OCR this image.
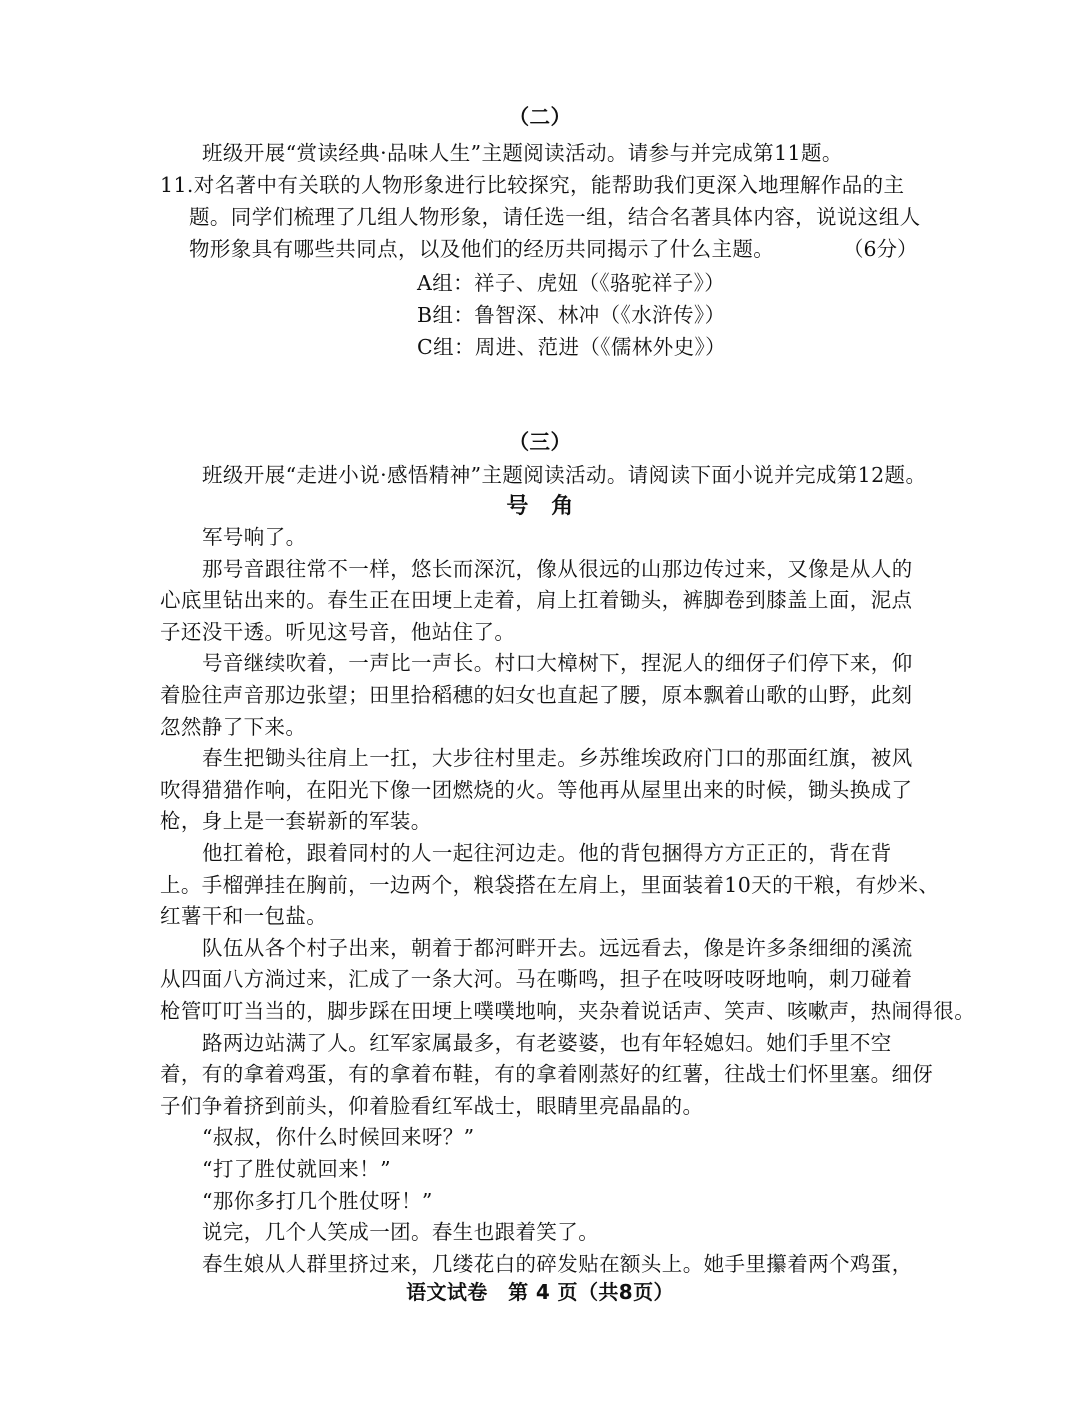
（二）
班级开展“赏读经典·品味人生”主题阅读活动。请参与并完成第11题。
11.对名著中有关联的人物形象进行比较探究，能帮助我们更深入地理解作品的主
题。同学们梳理了几组人物形象，请任选一组，结合名著具体内容，说说这组人
物形象具有哪些共同点，以及他们的经历共同揭示了什么主题。	（6分）
A组：祥子、虎妞（《骆驼祥子》）
B组：鲁智深、林冲（《水浒传》）
C组：周进、范进（《儒林外史》）
（三）
班级开展“走进小说·感悟精神”主题阅读活动。请阅读下面小说并完成第12题。
号　角
军号响了。
那号音跟往常不一样，悠长而深沉，像从很远的山那边传过来，又像是从人的
心底里钻出来的。春生正在田埂上走着，肩上扛着锄头，裤脚卷到膝盖上面，泥点
子还没干透。听见这号音，他站住了。
号音继续吹着，一声比一声长。村口大樟树下，捏泥人的细伢子们停下来，仰
着脸往声音那边张望；田里拾稻穗的妇女也直起了腰，原本飘着山歌的山野，此刻
忽然静了下来。
春生把锄头往肩上一扛，大步往村里走。乡苏维埃政府门口的那面红旗，被风
吹得猎猎作响，在阳光下像一团燃烧的火。等他再从屋里出来的时候，锄头换成了
枪，身上是一套崭新的军装。
他扛着枪，跟着同村的人一起往河边走。他的背包捆得方方正正的，背在背
上。手榴弹挂在胸前，一边两个，粮袋搭在左肩上，里面装着10天的干粮，有炒米、
红薯干和一包盐。
队伍从各个村子出来，朝着于都河畔开去。远远看去，像是许多条细细的溪流
从四面八方淌过来，汇成了一条大河。马在嘶鸣，担子在吱呀吱呀地响，刺刀碰着
枪管叮叮当当的，脚步踩在田埂上噗噗地响，夹杂着说话声、笑声、咳嗽声，热闹得很。
路两边站满了人。红军家属最多，有老婆婆，也有年轻媳妇。她们手里不空
着，有的拿着鸡蛋，有的拿着布鞋，有的拿着刚蒸好的红薯，往战士们怀里塞。细伢
子们争着挤到前头，仰着脸看红军战士，眼睛里亮晶晶的。
“叔叔，你什么时候回来呀？”
“打了胜仗就回来！”
“那你多打几个胜仗呀！”
说完，几个人笑成一团。春生也跟着笑了。
春生娘从人群里挤过来，几缕花白的碎发贴在额头上。她手里攥着两个鸡蛋，
语文试卷　第 4 页（共8页）
